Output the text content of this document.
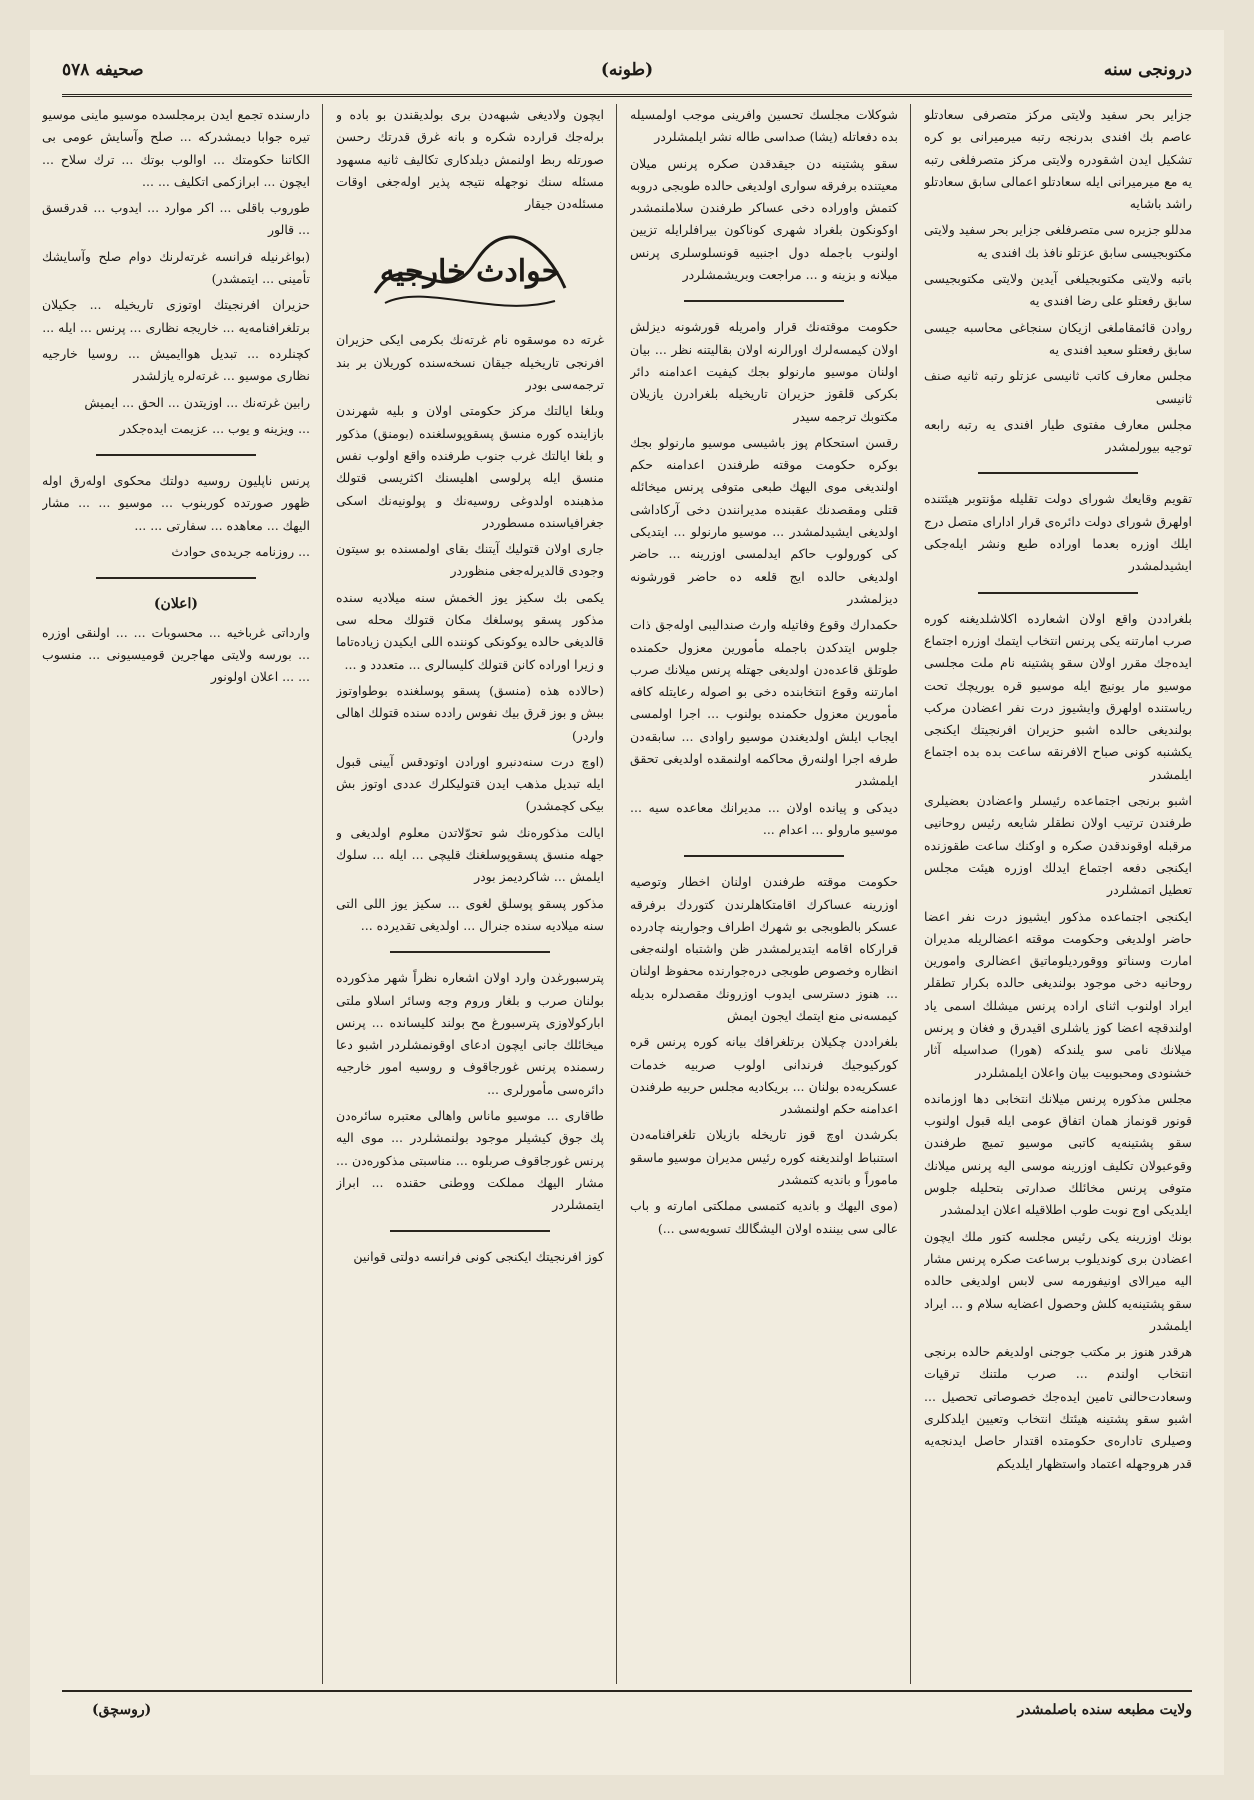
درونجی سنه
(طونه)
صحیفه ٥٧٨

جزایر بحر سفید ولایتی مرکز متصرفی سعادتلو عاصم بك افندی بدرنجه رتبه میرمیرانی بو کره تشکیل ایدن اشقودره ولایتی مرکز متصرفلغی رتبه یه مع میرمیرانی ایله سعادتلو اعمالی سابق سعادتلو راشد باشایه

مدللو جزیره سی متصرفلغی جزایر بحر سفید ولایتی مکتوبجیسی سابق عزتلو نافذ بك افندی یه

باتبه ولایتی مکتوبجیلغی آیدین ولایتی مکتوبجیسی سابق رفعتلو علی رضا افندی یه

روادن قائمقاملغی ازیکان سنجاغی محاسبه جیسی سابق رفعتلو سعید افندی یه

مجلس معارف کاتب ثانیسی عزتلو رتبه ثانیه صنف ثانیسی

مجلس معارف مفتوی طیار افندی یه رتبه رابعه توجیه بیورلمشدر

تقویم وقایعك شورای دولت تقلیله مؤنتوبر هیئتنده اولهرق شورای دولت دائره‌ی قرار ادارای متصل درج ایلك اوزره بعدما اوراده طبع ونشر ایله‌جکی ایشیدلمشدر

بلغراددن واقع اولان اشعارده اکلاشلدیغنه کوره صرب امارتنه یکی پرنس انتخاب ایتمك اوزره اجتماع ایده‌جك مقرر اولان سقو پشتینه نام ملت مجلسی موسیو مار یونیچ ایله موسیو قره یوریچك تحت ریاستنده اولهرق وایشیوز درت نفر اعضادن مرکب بولندیغی حالده اشبو حزیران افرنجیتك ایکنجی یکشنبه کونی صباح الافرنقه ساعت بده بده اجتماع ایلمشدر

اشبو برنجی اجتماعده رئیسلر واعضادن بعضیلری طرفندن ترتیب اولان نطقلر شایعه رئیس روحانیی مرقبله اوقوندقدن صکره و اوکنك ساعت طقوزنده ایکنجی دفعه اجتماع ایدلك اوزره هیئت مجلس تعطیل اتمشلردر

ایکنجی اجتماعده مذکور ایشیوز درت نفر اعضا حاضر اولدیغی وحکومت موقته اعضالریله مدیران امارت وسناتو ووقوردیلوماتیق اعضالری وامورین روحانیه دخی موجود بولندیغی حالده بکرار تطقلر ایراد اولنوب اثنای اراده پرنس میشلك اسمی یاد اولندقچه اعضا کوز یاشلری اقیدرق و فغان و پرنس میلانك نامی سو یلندکه (هورا) صداسیله آثار خشنودی ومحبوبیت بیان واعلان ایلمشلردر

مجلس مذکوره پرنس میلانك انتخابی دها اوزمانده قونور قونماز همان اتفاق عومی ایله قبول اولنوب سقو پشتینه‌یه کاتبی موسیو تمیچ طرفندن وقوعبولان تکلیف اوزرینه موسی الیه پرنس میلانك متوفی پرنس مخائلك صدارتی بتحلیله جلوس ایلدیکی اوج نوبت طوب اطلاقیله اعلان ایدلمشدر

بونك اوزرینه یکی رئیس مجلسه کتور ملك ایچون اعضادن بری کوندیلوب برساعت صکره پرنس مشار الیه میرالای اونیفورمه سی لابس اولدیغی حالده سقو پشتینه‌یه کلش وحصول اعضایه سلام و ... ایراد ایلمشدر

هرقدر هنوز بر مکتب جوجنی اولدیغم حالده برنجی انتخاب اولندم ... صرب ملتنك ترقیات وسعادت‌حالنی تامین ایده‌جك خصوصاتی تحصیل ... اشبو سقو پشتینه هیئتك انتخاب وتعیین ایلدکلری وصیلری تاداره‌ی حکومتده اقتدار حاصل ایدنجه‌یه قدر هروجهله اعتماد واستظهار ایلدیکم

شوکلات مجلسك تحسین وافرینی موجب اولمسیله بده دفعاتله (یشا) صداسی طاله نشر ایلمشلردر

سقو پشتینه دن جیقدقدن صکره پرنس میلان معیتنده برفرقه سواری اولدیغی حالده طوبجی دروبه کتمش واوراده دخی عساکر طرفندن سلاملنمشدر اوکونکون بلغراد شهری کوناکون بیرافلرایله تزیین اولنوب باجمله دول اجنبیه قونسلوسلری پرنس میلانه و بزینه و ... مراجعت وبریشمشلردر

حکومت موقته‌نك قرار وامریله قورشونه دیزلش اولان کیمسه‌لرك اورالرنه اولان بقالیتنه نظر ... بیان اولنان موسیو مارنولو بجك کیفیت اعدامنه دائر بکرکی قلقوز حزیران تاریخیله بلغرادرن یازیلان مکتوبك ترجمه سیدر

رقسن استحکام پوز باشیسی موسیو مارنولو بجك بوکره حکومت موقته طرفندن اعدامنه حکم اولندیغی موی الیهك طبعی متوفی پرنس میخائله قتلی ومقصدنك عقبنده مدیرانندن دخی آرکاداشی اولدیغی ایشیدلمشدر ... موسیو مارنولو ... ایتدیکی کی کورولوب حاکم ایدلمسی اوزرینه ... حاضر اولدیغی حالده ایج قلعه ده حاضر قورشونه دیزلمشدر

حکمدارك وقوع وفاتیله وارث صندالیبی اوله‌جق ذات جلوس ایتدکدن باجمله مأمورین معزول حکمنده طوتلق قاعده‌دن اولدیغی جهتله پرنس میلانك صرب امارتنه وقوع انتخابنده دخی بو اصوله رعایتله کافه مأمورین معزول حکمنده بولنوب ... اجرا اولمسی ایجاب ایلش اولدیغندن موسیو راوادی ... سابقه‌دن طرفه اجرا اولنه‌رق محاکمه اولنمقده اولدیغی تحقق ایلمشدر

دیدکی و پیانده اولان ... مدیرانك معاعده سیه ... موسیو مارولو ... اعدام ...

حکومت موقته طرفندن اولنان اخطار وتوصیه اوزرینه عساکرك اقامتکاهلرندن کتوردك برفرقه عسکر بالطوبجی بو شهرك اطراف وجوارینه چادرده قرارکاه اقامه ایتدیرلمشدر ظن واشتباه اولنه‌جغی انظاره وخصوص طوبجی دره‌جوارنده محفوظ اولنان ... هنوز دسترسی ایدوب اوزرونك مقصدلره بدیله کیمسه‌نی منع ایتمك ایجون ایمش

بلغراددن چکیلان برتلغرافك بیانه کوره پرنس قره کورکیوجیك فرندانی اولوب صربیه خدمات عسکریه‌ده بولنان ... بریکادیه مجلس حربیه طرفندن اعدامنه حکم اولنمشدر

بکرشدن اوچ قوز تاریخله بازیلان تلغرافنامه‌دن استنباط اولندیغنه کوره رئیس مدیران موسیو ماسقو ماموراً و باندیه کتمشدر

(موی الیهك و باندیه کتمسی مملکتی امارته و باب عالی سی بیننده اولان الیشگالك تسویه‌سی ...)

ایچون ولادیغی شبهه‌دن بری بولدیقندن بو باده و برله‌جك قرارده شکره و بانه غرق قدرتك رحسن صورتله ربط اولنمش دیلدکاری تکالیف ثانیه مسهود مسئله سنك نوجهله نتیجه پذیر اوله‌جغی اوقات مسئله‌دن جیقار

حوادث خارجیه

غرته ده موسقوه نام غرته‌نك بکرمی ایکی حزیران افرنجی تاریخیله جیقان نسخه‌سنده کوریلان بر بند ترجمه‌سی بودر

وبلغا ایالتك مرکز حکومتی اولان و بلیه شهرندن بازاینده کوره منسق پسقوپوسلغنده (بومنق) مذکور و بلغا ایالتك غرب جنوب طرفنده واقع اولوب نفس منسق ایله پرلوسی اهلیسنك اکثریسی قتولك مذهبنده اولدوغی روسیه‌نك و پولونیه‌نك اسکی جغرافیاسنده مسطوردر

جاری اولان قتولیك آیتنك بقای اولمسنده بو سیتون وجودی قالدیرله‌جغی منظوردر

یکمی بك سکیز یوز الخمش سنه میلادیه سنده مذکور پسقو پوسلغك مکان قتولك محله سی قالدیغی حالده یوکونکی کوننده اللی ایکیدن زیاده‌تاما و زیرا اوراده کانن قتولك کلیسالری ... متعددد و ...

(حالاده هذه (منسق) پسقو پوسلغنده بوطواوتوز ببش و بوز قرق بیك نفوس رادده سنده قتولك اهالی واردر)

(اوچ درت سنه‌دنبرو اورادن اوتودقس آیینی قبول ایله تبدیل مذهب ایدن قتولیکلرك عددی اوتوز بش بیکی کچمشدر)

ایالت مذکوره‌نك شو تحوّلاتدن معلوم اولدیغی و جهله منسق پسقوپوسلغنك قلیچی ... ایله ... سلوك ایلمش ... شاکردیمز بودر

مذکور پسقو پوسلق لغوی ... سکیز یوز اللی التی سنه میلادیه سنده جنرال ... اولدیغی تقدیرده ...

پترسبورغدن وارد اولان اشعاره نظراً شهر مذکورده بولنان صرب و بلغار وروم وجه وسائر اسلاو ملتی ابارکولاوزی پترسبورغ مح بولند کلیسانده ... پرنس میخائلك جانی ایچون ادعای اوقونمشلردر اشبو دعا رسمنده پرنس غورجاقوف و روسیه امور خارجیه دائره‌سی مأمورلری ...

طاقاری ... موسیو ماناس واهالی معتبره سائره‌دن پك جوق کیشیلر موجود بولنمشلردر ... موی الیه پرنس غورجاقوف صربلوه ... مناسبتی مذکوره‌دن ... مشار الیهك مملکت ووطنی حقنده ... ابراز ایتمشلردر

کوز افرنجیتك ایکنجی کونی فرانسه دولتی قوانین

دارسنده تجمع ایدن برمجلسده موسیو ماینی موسیو تیره جوابا دیمشدرکه ... صلح وآسایش عومی بی الکاتنا حکومتك ... اوالوب بوتك ... ترك سلاح ... ایچون ... ابرازکمی اتکلیف ... ...

طوروب باقلی ... اکر موارد ... ایدوب ... قدرقسق ... قالور

(بواغرنیله فرانسه غرته‌لرنك دوام صلح وآسایشك تأمینی ... ایتمشدر)

حزیران افرنجیتك اوتوزی تاریخیله ... جکیلان برتلغرافنامه‌یه ... خاریجه نظاری ... پرنس ... ایله ...

کچنلرده ... تبدیل هواایمیش ... روسیا خارجیه نظاری موسیو ... غرته‌لره یازلشدر

رابین غرته‌نك ... اوزیتدن ... الحق ... ایمیش

... ویزینه و یوب ... عزیمت ایده‌جکدر

پرنس ناپلیون روسیه دولتك محکوی اوله‌رق اوله ظهور صورتده کوربنوب ... موسیو ... ... مشار الیهك ... معاهده ... سفارتی ... ...

... روزنامه جریده‌ی حوادث

(اعلان)

وارداتی غرباخیه ... محسوبات ... ... اولنقی اوزره ... بورسه ولایتی مهاجرین قومیسیونی ... منسوب ... ... اعلان اولونور

ولایت مطبعه سنده باصلمشدر
(روسچق)
